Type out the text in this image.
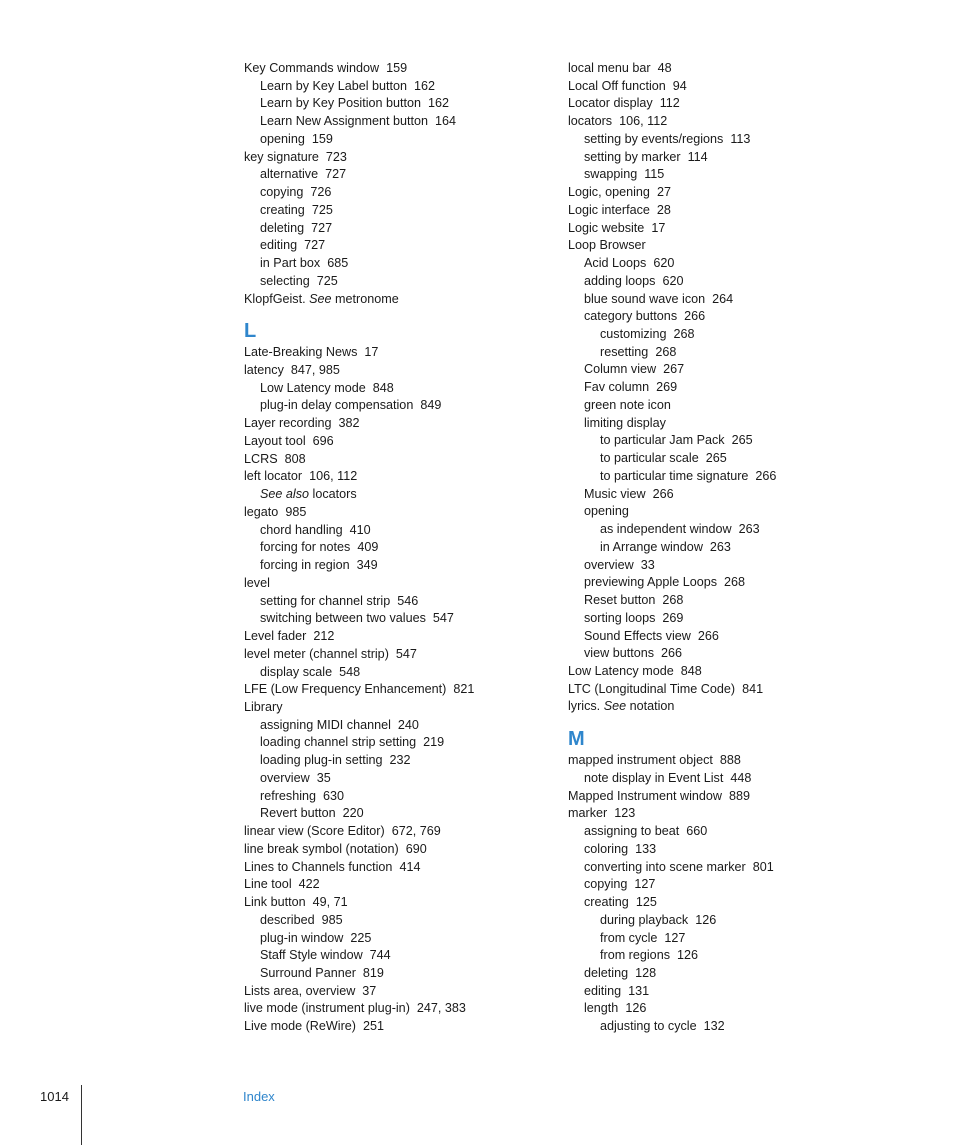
Key Commands window 159
Learn by Key Label button 162
Learn by Key Position button 162
Learn New Assignment button 164
opening 159
key signature 723
alternative 727
copying 726
creating 725
deleting 727
editing 727
in Part box 685
selecting 725
KlopfGeist. See metronome
L
Late-Breaking News 17
latency 847, 985
Low Latency mode 848
plug-in delay compensation 849
Layer recording 382
Layout tool 696
LCRS 808
left locator 106, 112
See also locators
legato 985
chord handling 410
forcing for notes 409
forcing in region 349
level
setting for channel strip 546
switching between two values 547
Level fader 212
level meter (channel strip) 547
display scale 548
LFE (Low Frequency Enhancement) 821
Library
assigning MIDI channel 240
loading channel strip setting 219
loading plug-in setting 232
overview 35
refreshing 630
Revert button 220
linear view (Score Editor) 672, 769
line break symbol (notation) 690
Lines to Channels function 414
Line tool 422
Link button 49, 71
described 985
plug-in window 225
Staff Style window 744
Surround Panner 819
Lists area, overview 37
live mode (instrument plug-in) 247, 383
Live mode (ReWire) 251
local menu bar 48
Local Off function 94
Locator display 112
locators 106, 112
setting by events/regions 113
setting by marker 114
swapping 115
Logic, opening 27
Logic interface 28
Logic website 17
Loop Browser
Acid Loops 620
adding loops 620
blue sound wave icon 264
category buttons 266
customizing 268
resetting 268
Column view 267
Fav column 269
green note icon
limiting display
to particular Jam Pack 265
to particular scale 265
to particular time signature 266
Music view 266
opening
as independent window 263
in Arrange window 263
overview 33
previewing Apple Loops 268
Reset button 268
sorting loops 269
Sound Effects view 266
view buttons 266
Low Latency mode 848
LTC (Longitudinal Time Code) 841
lyrics. See notation
M
mapped instrument object 888
note display in Event List 448
Mapped Instrument window 889
marker 123
assigning to beat 660
coloring 133
converting into scene marker 801
copying 127
creating 125
during playback 126
from cycle 127
from regions 126
deleting 128
editing 131
length 126
adjusting to cycle 132
1014	Index
